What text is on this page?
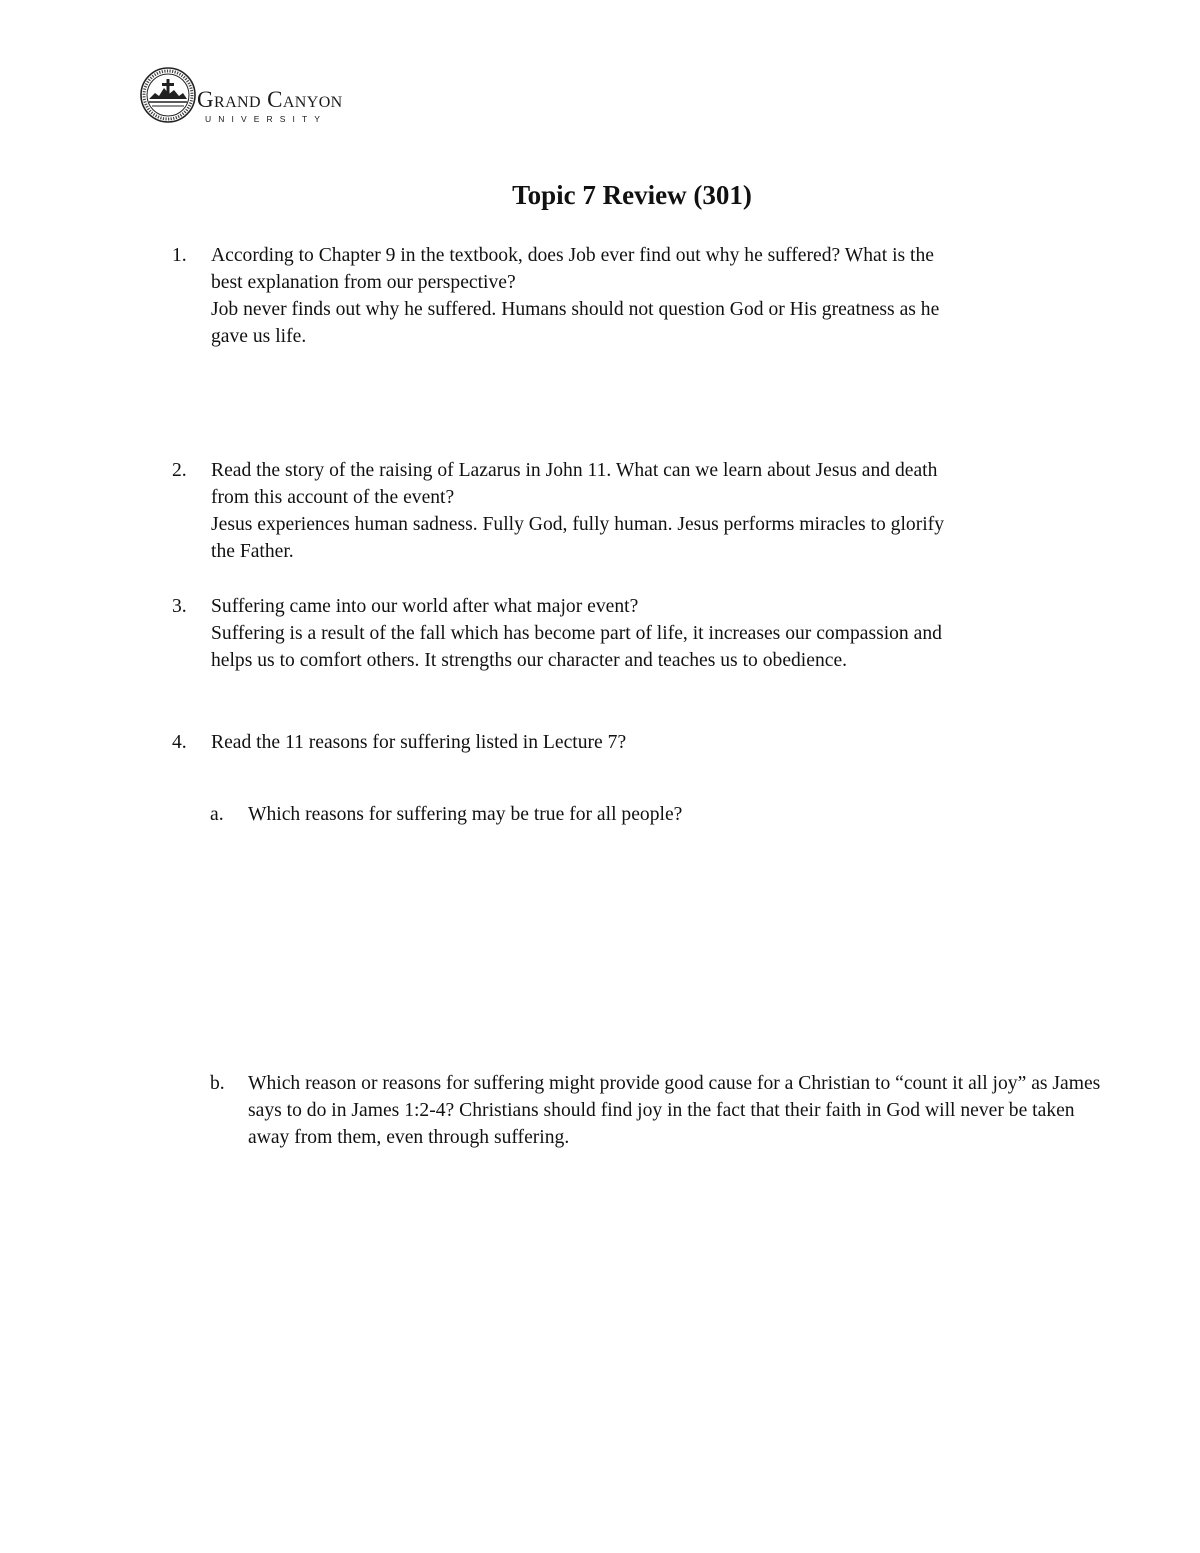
Grand Canyon
UNIVERSITY
Topic 7 Review (301)
1.	According to Chapter 9 in the textbook, does Job ever find out why he suffered? What is the
best explanation from our perspective?
Job never finds out why he suffered. Humans should not question God or His greatness as he
gave us life.
2.	Read the story of the raising of Lazarus in John 11. What can we learn about Jesus and death
from this account of the event?
Jesus experiences human sadness. Fully God, fully human. Jesus performs miracles to glorify
the Father.
3.	Suffering came into our world after what major event?
Suffering is a result of the fall which has become part of life, it increases our compassion and
helps us to comfort others. It strengths our character and teaches us to obedience.
4.	Read the 11 reasons for suffering listed in Lecture 7?
a.	Which reasons for suffering may be true for all people?
b.	Which reason or reasons for suffering might provide good cause for a Christian to “count it all joy” as James says to do in James 1:2-4? Christians should find joy in the fact that their faith in God will never be taken away from them, even through suffering.
